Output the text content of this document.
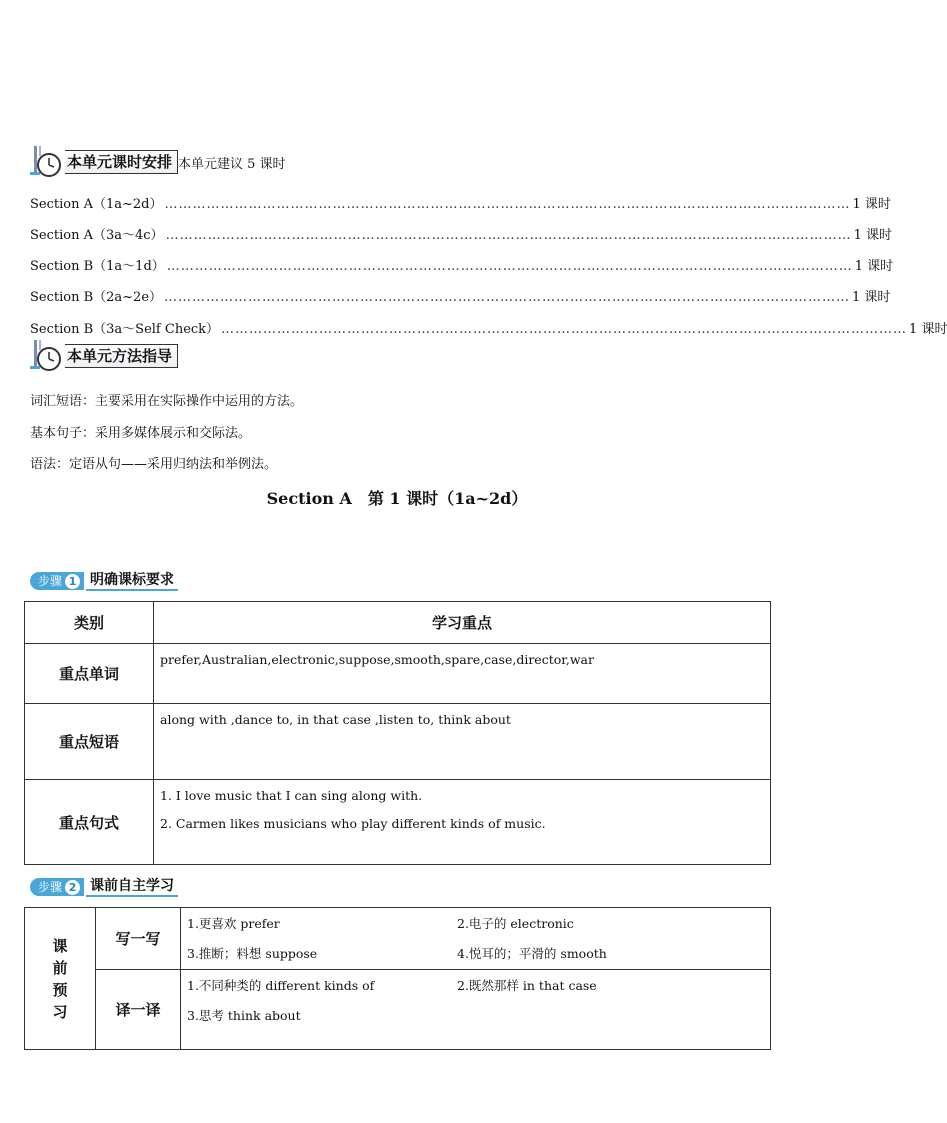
本单元课时安排 本单元建议 5 课时
Section A（1a~2d） ………………………………………………………………………………………………………………………………… 1 课时
Section A（3a～4c） ………………………………………………………………………………………………………………………………… 1 课时
Section B（1a～1d） ………………………………………………………………………………………………………………………………… 1 课时
Section B（2a~2e） ………………………………………………………………………………………………………………………………… 1 课时
Section B（3a～Self Check） ………………………………………………………………………………………………………………………………… 1 课时
本单元方法指导
词汇短语：主要采用在实际操作中运用的方法。
基本句子：采用多媒体展示和交际法。
语法：定语从句——采用归纳法和举例法。
Section A　第 1 课时（1a~2d）
步骤 1 明确课标要求
类别	学习重点
重点单词	prefer,Australian,electronic,suppose,smooth,spare,case,director,war

重点短语	along with ,dance to, in that case ,listen to, think about

重点句式	1. I love music that I can sing along with.

2. Carmen likes musicians who play different kinds of music.

步骤 2 课前自主学习
课前预习	写一写	1.更喜欢 prefer 2.电子的 electronic
3.推断；料想 suppose 4.悦耳的；平滑的 smooth

	译一译	1.不同种类的 different kinds of 2.既然那样 in that case
3.思考 think about
